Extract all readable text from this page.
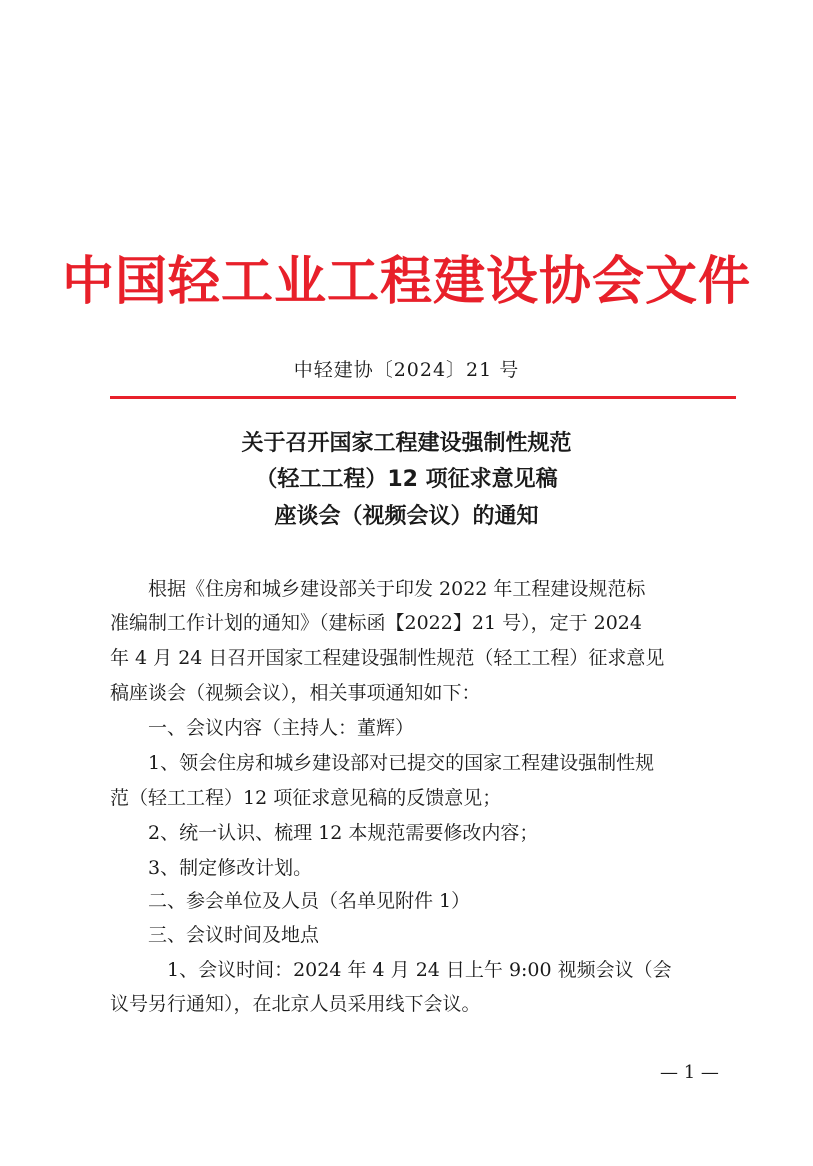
中国轻工业工程建设协会文件
中轻建协〔2024〕21 号
关于召开国家工程建设强制性规范
（轻工工程）12 项征求意见稿
座谈会（视频会议）的通知
　　根据《住房和城乡建设部关于印发 2022 年工程建设规范标
准编制工作计划的通知》（建标函【2022】21 号），定于 2024
年 4 月 24 日召开国家工程建设强制性规范（轻工工程）征求意见
稿座谈会（视频会议），相关事项通知如下：
　　一、会议内容（主持人：董辉）
　　1、领会住房和城乡建设部对已提交的国家工程建设强制性规
范（轻工工程）12 项征求意见稿的反馈意见；
　　2、统一认识、梳理 12 本规范需要修改内容；
　　3、制定修改计划。
　　二、参会单位及人员（名单见附件 1）
　　三、会议时间及地点
　　　1、会议时间：2024 年 4 月 24 日上午 9:00 视频会议（会
议号另行通知），在北京人员采用线下会议。
— 1 —
